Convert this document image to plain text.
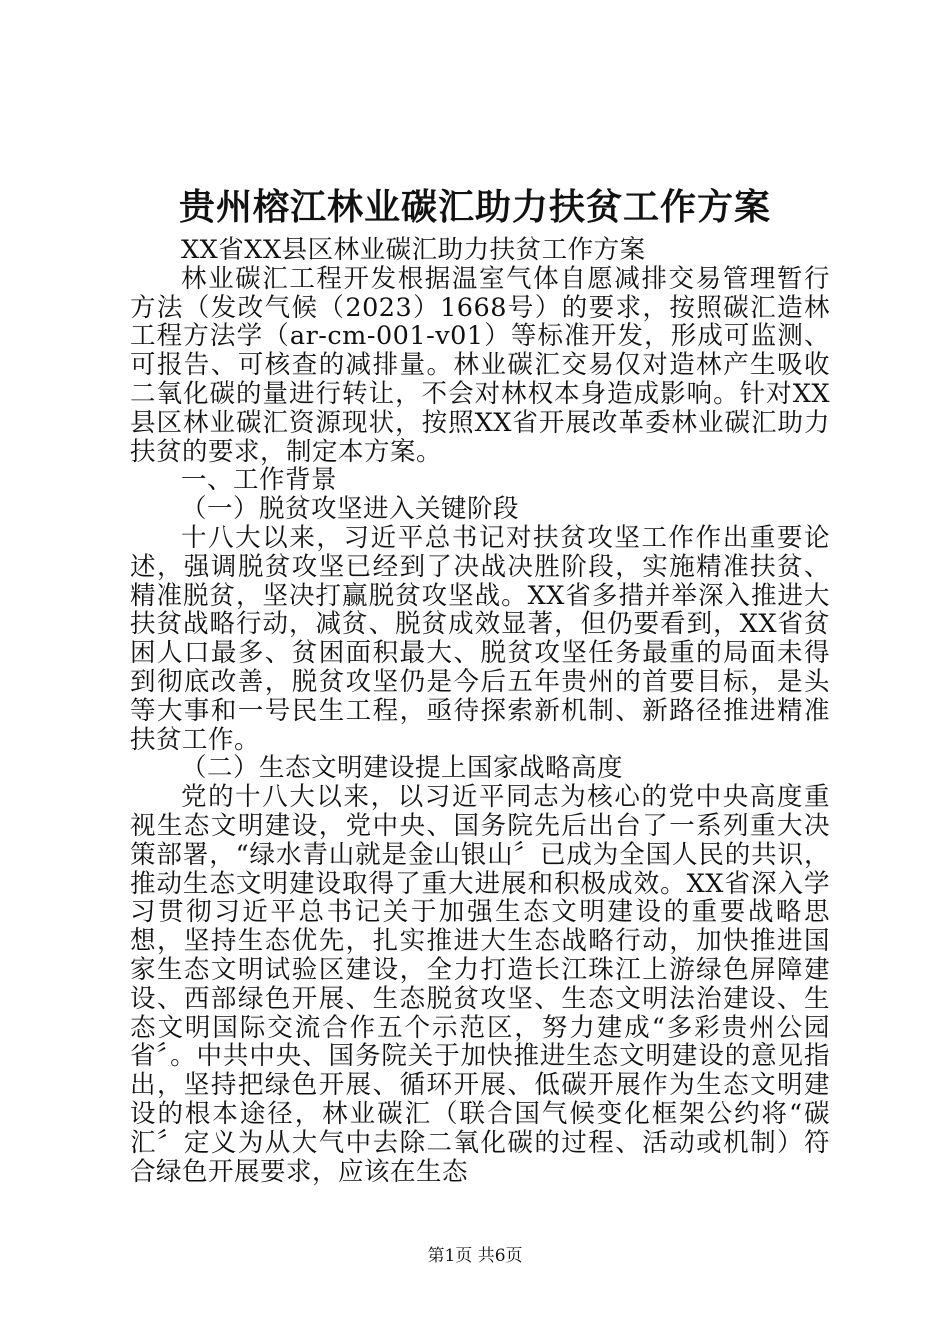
贵州榕江林业碳汇助力扶贫工作方案

XX省XX县区林业碳汇助力扶贫工作方案

林业碳汇工程开发根据温室气体自愿减排交易管理暂行方法（发改气候（2023）1668号）的要求，按照碳汇造林工程方法学（ar-cm-001-v01）等标准开发，形成可监测、可报告、可核查的减排量。林业碳汇交易仅对造林产生吸收二氧化碳的量进行转让，不会对林权本身造成影响。针对XX县区林业碳汇资源现状，按照XX省开展改革委林业碳汇助力扶贫的要求，制定本方案。

一、工作背景

（一）脱贫攻坚进入关键阶段

十八大以来，习近平总书记对扶贫攻坚工作作出重要论述，强调脱贫攻坚已经到了决战决胜阶段，实施精准扶贫、精准脱贫，坚决打赢脱贫攻坚战。XX省多措并举深入推进大扶贫战略行动，减贫、脱贫成效显著，但仍要看到，XX省贫困人口最多、贫困面积最大、脱贫攻坚任务最重的局面未得到彻底改善，脱贫攻坚仍是今后五年贵州的首要目标，是头等大事和一号民生工程，亟待探索新机制、新路径推进精准扶贫工作。

（二）生态文明建设提上国家战略高度

党的十八大以来，以习近平同志为核心的党中央高度重视生态文明建设，党中央、国务院先后出台了一系列重大决策部署，“绿水青山就是金山银山〞已成为全国人民的共识，推动生态文明建设取得了重大进展和积极成效。XX省深入学习贯彻习近平总书记关于加强生态文明建设的重要战略思想，坚持生态优先，扎实推进大生态战略行动，加快推进国家生态文明试验区建设，全力打造长江珠江上游绿色屏障建设、西部绿色开展、生态脱贫攻坚、生态文明法治建设、生态文明国际交流合作五个示范区，努力建成“多彩贵州公园省〞。中共中央、国务院关于加快推进生态文明建设的意见指出，坚持把绿色开展、循环开展、低碳开展作为生态文明建设的根本途径，林业碳汇（联合国气候变化框架公约将“碳汇〞定义为从大气中去除二氧化碳的过程、活动或机制）符合绿色开展要求，应该在生态

第1页 共6页
